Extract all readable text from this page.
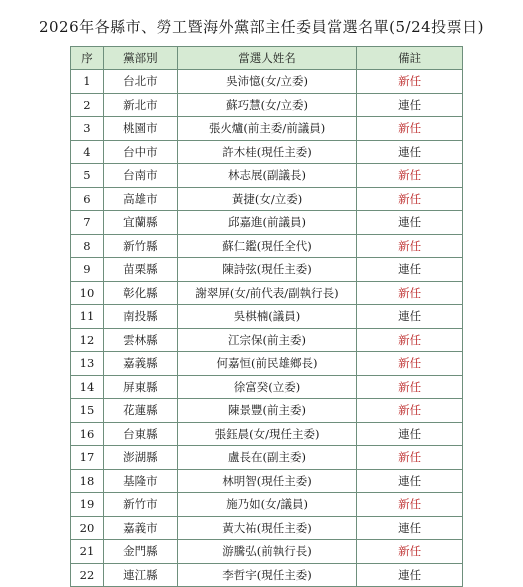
2026年各縣市、勞工暨海外黨部主任委員當選名單(5/24投票日)
序	黨部別	當選人姓名	備註
1	台北市	吳沛憶(女/立委)	新任
2	新北市	蘇巧慧(女/立委)	連任
3	桃園市	張火爐(前主委/前議員)	新任
4	台中市	許木桂(現任主委)	連任
5	台南市	林志展(副議長)	新任
6	高雄市	黃捷(女/立委)	新任
7	宜蘭縣	邱嘉進(前議員)	連任
8	新竹縣	蘇仁鑑(現任全代)	新任
9	苗栗縣	陳詩弦(現任主委)	連任
10	彰化縣	謝翠屏(女/前代表/副執行長)	新任
11	南投縣	吳棋楠(議員)	連任
12	雲林縣	江宗保(前主委)	新任
13	嘉義縣	何嘉恒(前民雄鄉長)	新任
14	屏東縣	徐富癸(立委)	新任
15	花蓮縣	陳景豐(前主委)	新任
16	台東縣	張鈺晨(女/現任主委)	連任
17	澎湖縣	盧長在(副主委)	新任
18	基隆市	林明智(現任主委)	連任
19	新竹市	施乃如(女/議員)	新任
20	嘉義市	黃大祐(現任主委)	連任
21	金門縣	游騰弘(前執行長)	新任
22	連江縣	李哲宇(現任主委)	連任
